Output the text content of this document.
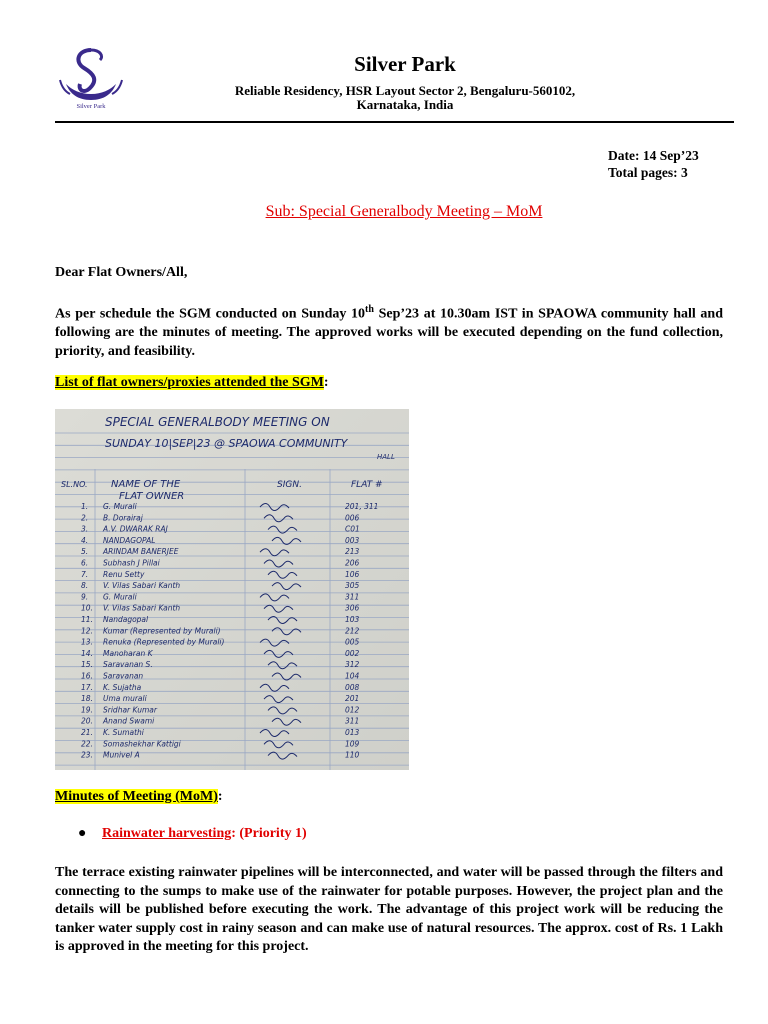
Silver Park
Silver Park
Reliable Residency, HSR Layout Sector 2, Bengaluru-560102,
Karnataka, India
Date: 14 Sep’23
Total pages: 3
Sub: Special Generalbody Meeting – MoM
Dear Flat Owners/All,
As per schedule the SGM conducted on Sunday 10th Sep’23 at 10.30am IST in SPAOWA community hall and following are the minutes of meeting. The approved works will be executed depending on the fund collection, priority, and feasibility.
List of flat owners/proxies attended the SGM:
SPECIAL GENERALBODY MEETING ON
SUNDAY 10|SEP|23 @ SPAOWA COMMUNITY
HALL
SL.NO. NAME OF THE
FLAT OWNER
SIGN.	FLAT #
1. G. Murali	201, 311
2. B. Dorairaj	006
3. A.V. DWARAK RAJ	C01
4. NANDAGOPAL	003
5. ARINDAM BANERJEE	213
6. Subhash J Pillai	206
7. Renu Setty	106
8. V. Vilas Sabari Kanth	305
9. G. Murali	311
10. V. Vilas Sabari Kanth	306
11. Nandagopal	103
12. Kumar (Represented by Murali)	212
13. Renuka (Represented by Murali)	005
14. Manoharan K	002
15. Saravanan S.	312
16. Saravanan	104
17. K. Sujatha	008
18. Uma murali	201
19. Sridhar Kumar	012
20. Anand Swami	311
21. K. Sumathi	013
22. Somashekhar Kattigi	109
23. Munivel A	110
Minutes of Meeting (MoM):
● Rainwater harvesting: (Priority 1)
The terrace existing rainwater pipelines will be interconnected, and water will be passed through the filters and connecting to the sumps to make use of the rainwater for potable purposes. However, the project plan and the details will be published before executing the work. The advantage of this project work will be reducing the tanker water supply cost in rainy season and can make use of natural resources. The approx. cost of Rs. 1 Lakh is approved in the meeting for this project.
